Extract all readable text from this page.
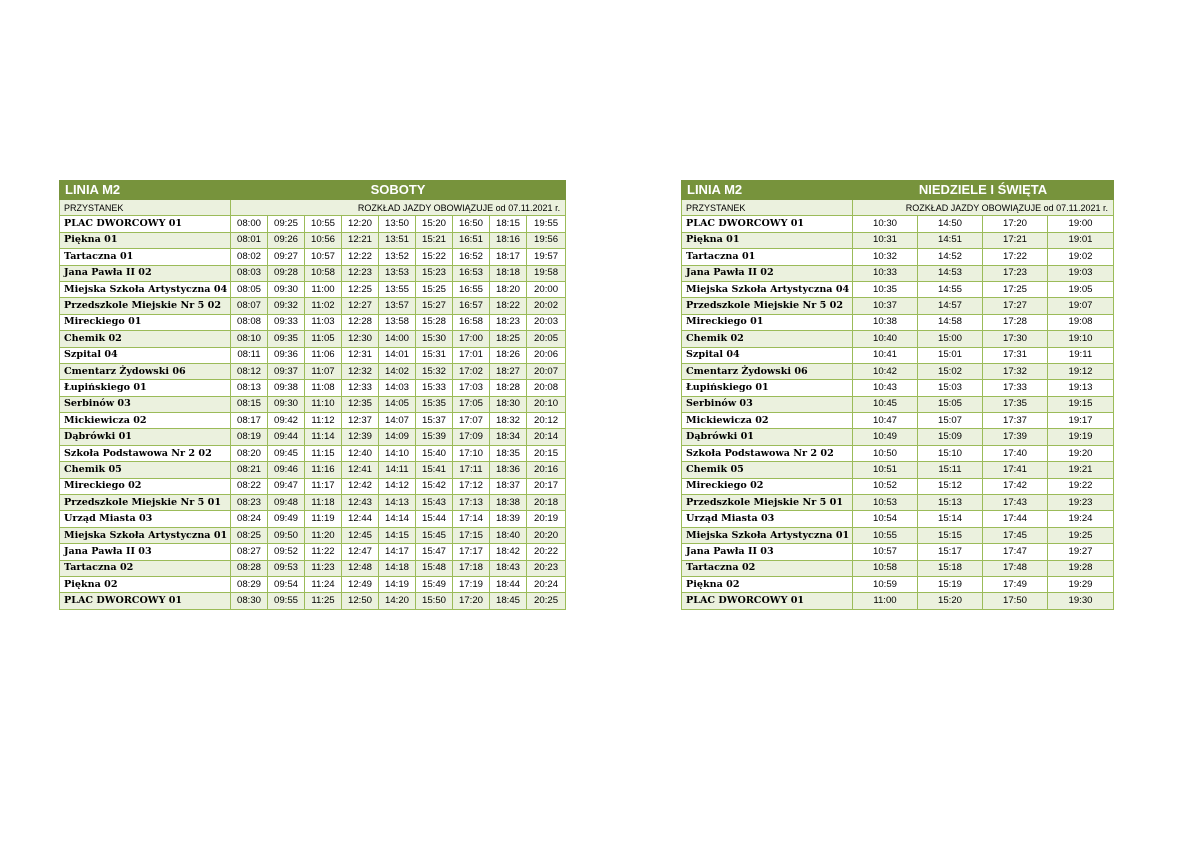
LINIA M2	SOBOTY								
PRZYSTANEK	ROZKŁAD JAZDY OBOWIĄZUJE od 07.11.2021 r.								
PLAC DWORCOWY 01	08:00	09:25	10:55	12:20	13:50	15:20	16:50	18:15	19:55
Piękna 01	08:01	09:26	10:56	12:21	13:51	15:21	16:51	18:16	19:56
Tartaczna 01	08:02	09:27	10:57	12:22	13:52	15:22	16:52	18:17	19:57
Jana Pawła II 02	08:03	09:28	10:58	12:23	13:53	15:23	16:53	18:18	19:58
Miejska Szkoła Artystyczna 04	08:05	09:30	11:00	12:25	13:55	15:25	16:55	18:20	20:00
Przedszkole Miejskie Nr 5 02	08:07	09:32	11:02	12:27	13:57	15:27	16:57	18:22	20:02
Mireckiego 01	08:08	09:33	11:03	12:28	13:58	15:28	16:58	18:23	20:03
Chemik 02	08:10	09:35	11:05	12:30	14:00	15:30	17:00	18:25	20:05
Szpital 04	08:11	09:36	11:06	12:31	14:01	15:31	17:01	18:26	20:06
Cmentarz Żydowski 06	08:12	09:37	11:07	12:32	14:02	15:32	17:02	18:27	20:07
Łupińskiego 01	08:13	09:38	11:08	12:33	14:03	15:33	17:03	18:28	20:08
Serbinów 03	08:15	09:30	11:10	12:35	14:05	15:35	17:05	18:30	20:10
Mickiewicza 02	08:17	09:42	11:12	12:37	14:07	15:37	17:07	18:32	20:12
Dąbrówki 01	08:19	09:44	11:14	12:39	14:09	15:39	17:09	18:34	20:14
Szkoła Podstawowa Nr 2 02	08:20	09:45	11:15	12:40	14:10	15:40	17:10	18:35	20:15
Chemik 05	08:21	09:46	11:16	12:41	14:11	15:41	17:11	18:36	20:16
Mireckiego 02	08:22	09:47	11:17	12:42	14:12	15:42	17:12	18:37	20:17
Przedszkole Miejskie Nr 5 01	08:23	09:48	11:18	12:43	14:13	15:43	17:13	18:38	20:18
Urząd Miasta 03	08:24	09:49	11:19	12:44	14:14	15:44	17:14	18:39	20:19
Miejska Szkoła Artystyczna 01	08:25	09:50	11:20	12:45	14:15	15:45	17:15	18:40	20:20
Jana Pawła II 03	08:27	09:52	11:22	12:47	14:17	15:47	17:17	18:42	20:22
Tartaczna 02	08:28	09:53	11:23	12:48	14:18	15:48	17:18	18:43	20:23
Piękna 02	08:29	09:54	11:24	12:49	14:19	15:49	17:19	18:44	20:24
PLAC DWORCOWY 01	08:30	09:55	11:25	12:50	14:20	15:50	17:20	18:45	20:25
LINIA M2	NIEDZIELE I ŚWIĘTA			
PRZYSTANEK	ROZKŁAD JAZDY OBOWIĄZUJE od 07.11.2021 r.			
PLAC DWORCOWY 01	10:30	14:50	17:20	19:00
Piękna 01	10:31	14:51	17:21	19:01
Tartaczna 01	10:32	14:52	17:22	19:02
Jana Pawła II 02	10:33	14:53	17:23	19:03
Miejska Szkoła Artystyczna 04	10:35	14:55	17:25	19:05
Przedszkole Miejskie Nr 5 02	10:37	14:57	17:27	19:07
Mireckiego 01	10:38	14:58	17:28	19:08
Chemik 02	10:40	15:00	17:30	19:10
Szpital 04	10:41	15:01	17:31	19:11
Cmentarz Żydowski 06	10:42	15:02	17:32	19:12
Łupińskiego 01	10:43	15:03	17:33	19:13
Serbinów 03	10:45	15:05	17:35	19:15
Mickiewicza 02	10:47	15:07	17:37	19:17
Dąbrówki 01	10:49	15:09	17:39	19:19
Szkoła Podstawowa Nr 2 02	10:50	15:10	17:40	19:20
Chemik 05	10:51	15:11	17:41	19:21
Mireckiego 02	10:52	15:12	17:42	19:22
Przedszkole Miejskie Nr 5 01	10:53	15:13	17:43	19:23
Urząd Miasta 03	10:54	15:14	17:44	19:24
Miejska Szkoła Artystyczna 01	10:55	15:15	17:45	19:25
Jana Pawła II 03	10:57	15:17	17:47	19:27
Tartaczna 02	10:58	15:18	17:48	19:28
Piękna 02	10:59	15:19	17:49	19:29
PLAC DWORCOWY 01	11:00	15:20	17:50	19:30
